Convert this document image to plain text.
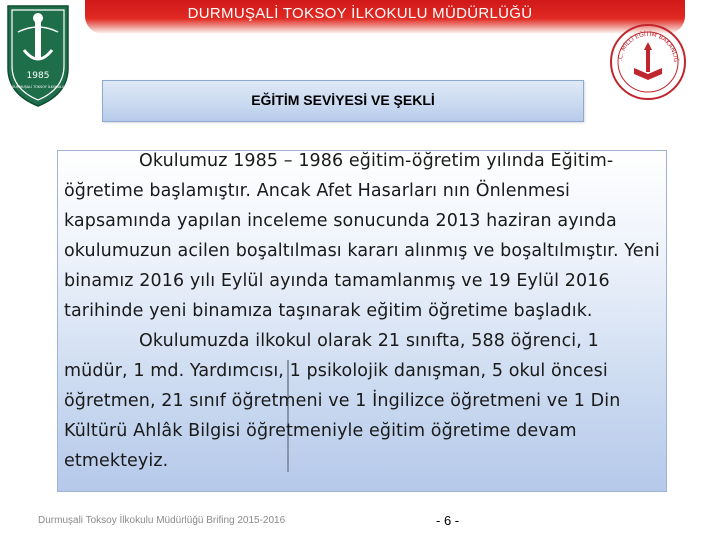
DURMUŞALİ TOKSOY İLKOKULU MÜDÜRLÜĞÜ
1985
DURMUŞALİ TOKSOY İLKOKULU
.C. MİLLİ EĞİTİM BAKANLIĞ
EĞİTİM SEVİYESİ VE ŞEKLİ

Okulumuz 1985 – 1986 eğitim-öğretim yılında Eğitim-öğretime başlamıştır. Ancak Afet Hasarları nın Önlenmesi kapsamında yapılan inceleme sonucunda 2013 haziran ayında okulumuzun acilen boşaltılması kararı alınmış ve boşaltılmıştır. Yeni binamız 2016 yılı Eylül ayında tamamlanmış ve 19 Eylül 2016 tarihinde yeni binamıza taşınarak eğitim öğretime başladık.

Okulumuzda ilkokul olarak 21 sınıfta, 588 öğrenci, 1 müdür, 1 md. Yardımcısı, 1 psikolojik danışman, 5 okul öncesi öğretmen, 21 sınıf öğretmeni ve 1 İngilizce öğretmeni ve 1 Din Kültürü Ahlâk Bilgisi öğretmeniyle eğitim öğretime devam etmekteyiz.

Durmuşali Toksoy İlkokulu Müdürlüğü Brifing 2015-2016	- 6 -
